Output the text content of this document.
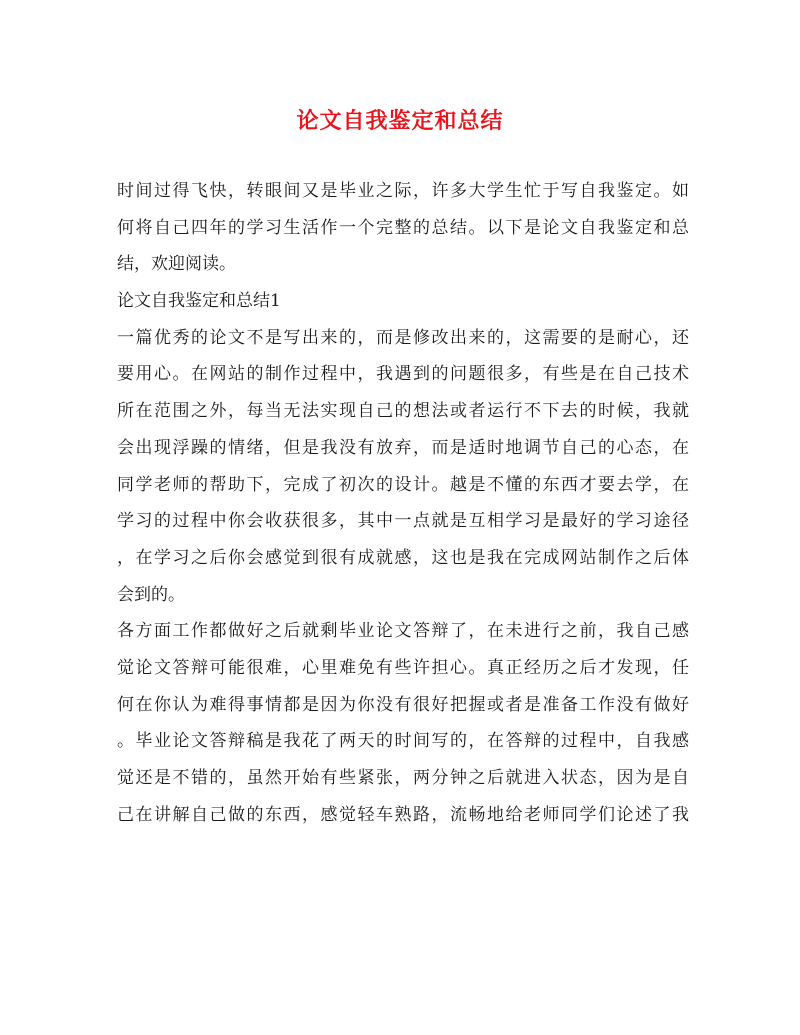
论文自我鉴定和总结
时间过得飞快，转眼间又是毕业之际，许多大学生忙于写自我鉴定。如
何将自己四年的学习生活作一个完整的总结。以下是论文自我鉴定和总
结，欢迎阅读。
论文自我鉴定和总结1
一篇优秀的论文不是写出来的，而是修改出来的，这需要的是耐心，还
要用心。在网站的制作过程中，我遇到的问题很多，有些是在自己技术
所在范围之外，每当无法实现自己的想法或者运行不下去的时候，我就
会出现浮躁的情绪，但是我没有放弃，而是适时地调节自己的心态，在
同学老师的帮助下，完成了初次的设计。越是不懂的东西才要去学，在
学习的过程中你会收获很多，其中一点就是互相学习是最好的学习途径
，在学习之后你会感觉到很有成就感，这也是我在完成网站制作之后体
会到的。
各方面工作都做好之后就剩毕业论文答辩了，在未进行之前，我自己感
觉论文答辩可能很难，心里难免有些许担心。真正经历之后才发现，任
何在你认为难得事情都是因为你没有很好把握或者是准备工作没有做好
。毕业论文答辩稿是我花了两天的时间写的，在答辩的过程中，自我感
觉还是不错的，虽然开始有些紧张，两分钟之后就进入状态，因为是自
己在讲解自己做的东西，感觉轻车熟路，流畅地给老师同学们论述了我
